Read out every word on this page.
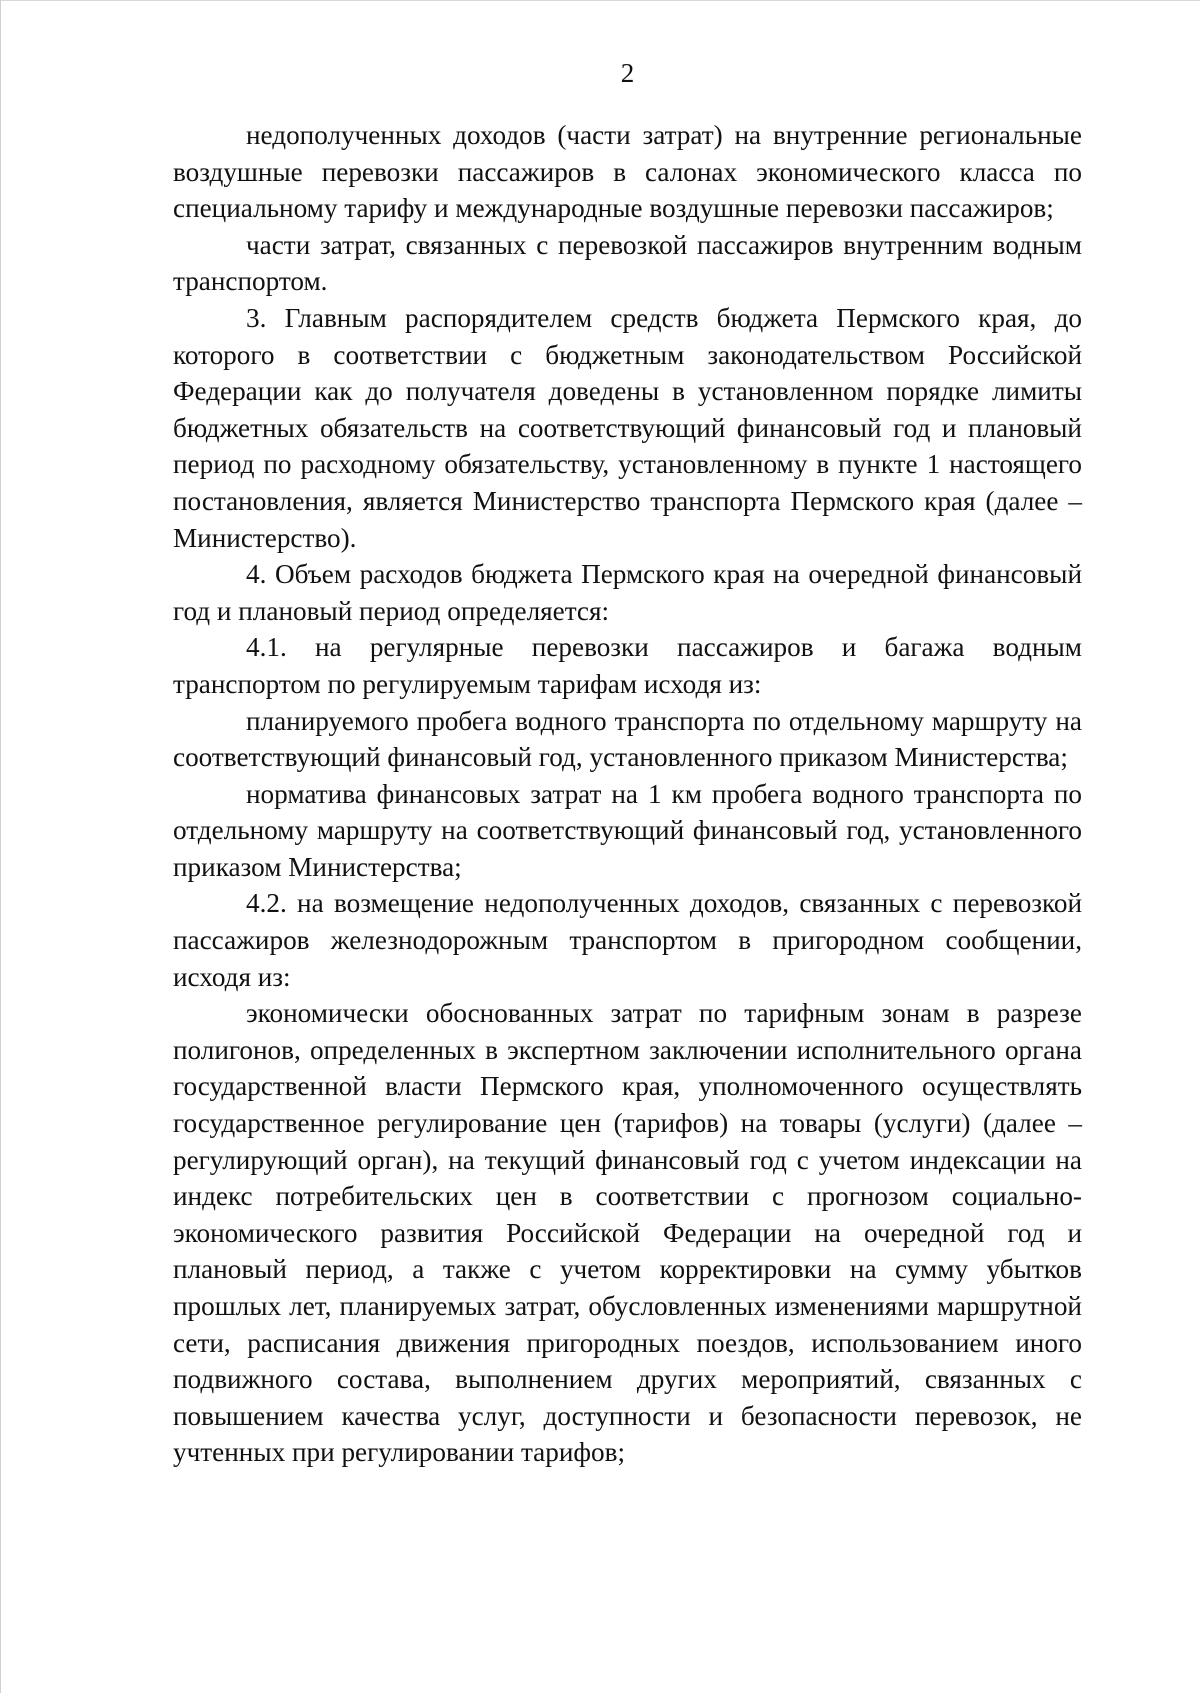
2

недополученных доходов (части затрат) на внутренние региональные воздушные перевозки пассажиров в салонах экономического класса по специальному тарифу и международные воздушные перевозки пассажиров;

части затрат, связанных с перевозкой пассажиров внутренним водным транспортом.

3. Главным распорядителем средств бюджета Пермского края, до которого в соответствии с бюджетным законодательством Российской Федерации как до получателя доведены в установленном порядке лимиты бюджетных обязательств на соответствующий финансовый год и плановый период по расходному обязательству, установленному в пункте 1 настоящего постановления, является Министерство транспорта Пермского края (далее – Министерство).

4. Объем расходов бюджета Пермского края на очередной финансовый год и плановый период определяется:

4.1. на регулярные перевозки пассажиров и багажа водным транспортом по регулируемым тарифам исходя из:

планируемого пробега водного транспорта по отдельному маршруту на соответствующий финансовый год, установленного приказом Министерства;

норматива финансовых затрат на 1 км пробега водного транспорта по отдельному маршруту на соответствующий финансовый год, установленного приказом Министерства;

4.2. на возмещение недополученных доходов, связанных с перевозкой пассажиров железнодорожным транспортом в пригородном сообщении, исходя из:

экономически обоснованных затрат по тарифным зонам в разрезе полигонов, определенных в экспертном заключении исполнительного органа государственной власти Пермского края, уполномоченного осуществлять государственное регулирование цен (тарифов) на товары (услуги) (далее – регулирующий орган), на текущий финансовый год с учетом индексации на индекс потребительских цен в соответствии с прогнозом социально-экономического развития Российской Федерации на очередной год и плановый период, а также с учетом корректировки на сумму убытков прошлых лет, планируемых затрат, обусловленных изменениями маршрутной сети, расписания движения пригородных поездов, использованием иного подвижного состава, выполнением других мероприятий, связанных с повышением качества услуг, доступности и безопасности перевозок, не учтенных при регулировании тарифов;
